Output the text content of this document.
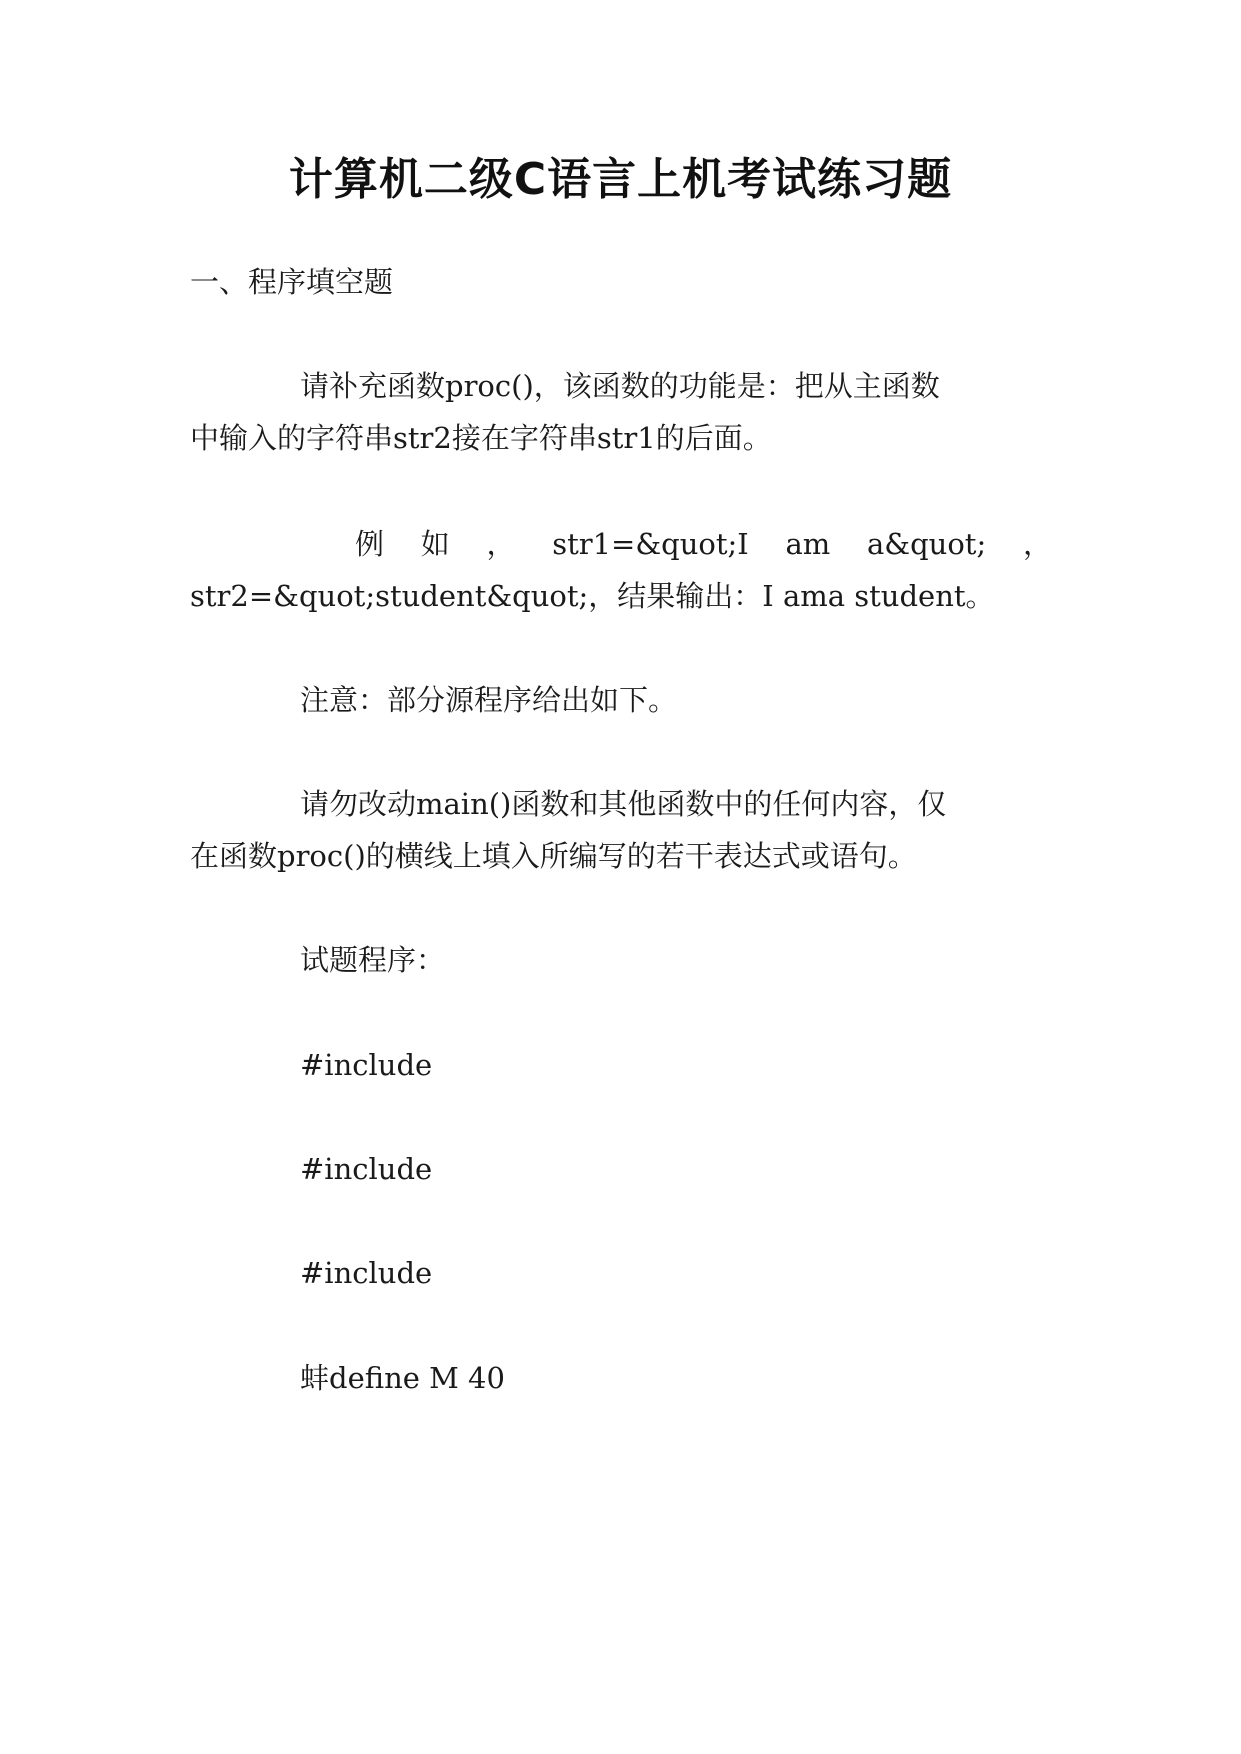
计算机二级C语言上机考试练习题
一、程序填空题
请补充函数proc()，该函数的功能是：把从主函数
中输入的字符串str2接在字符串str1的后面。
例 如 ， str1=&quot;I am a&quot; ，
str2=&quot;student&quot;，结果输出：I ama student。
注意：部分源程序给出如下。
请勿改动main()函数和其他函数中的任何内容，仅
在函数proc()的横线上填入所编写的若干表达式或语句。
试题程序：
#include
#include
#include
蚌define M 40
